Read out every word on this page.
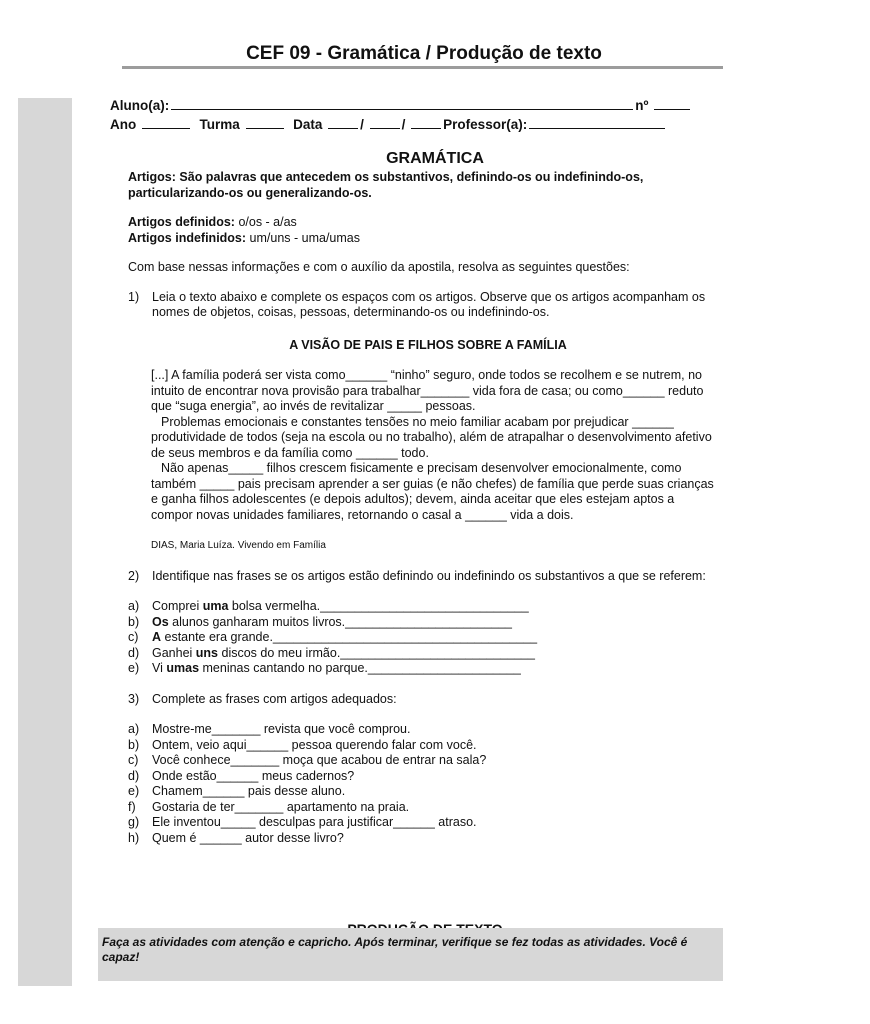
CEF 09 - Gramática / Produção de texto
Aluno(a):	nº
Ano	Turma	Data	/	/	Professor(a):
GRAMÁTICA

Artigos: São palavras que antecedem os substantivos, definindo-os ou indefinindo-os, particularizando-os ou generalizando-os.

Artigos definidos: o/os - a/as

Artigos indefinidos: um/uns - uma/umas

Com base nessas informações e com o auxílio da apostila, resolva as seguintes questões:

1)	Leia o texto abaixo e complete os espaços com os artigos. Observe que os artigos acompanham os nomes de objetos, coisas, pessoas, determinando-os ou indefinindo-os.
A VISÃO DE PAIS E FILHOS SOBRE A FAMÍLIA

[...] A família poderá ser vista como______ “ninho” seguro, onde todos se recolhem e se nutrem, no intuito de encontrar nova provisão para trabalhar_______ vida fora de casa; ou como______ reduto que “suga energia”, ao invés de revitalizar _____ pessoas.

Problemas emocionais e constantes tensões no meio familiar acabam por prejudicar ______ produtividade de todos (seja na escola ou no trabalho), além de atrapalhar o desenvolvimento afetivo de seus membros e da família como ______ todo.

Não apenas_____ filhos crescem fisicamente e precisam desenvolver emocionalmente, como também _____ pais precisam aprender a ser guias (e não chefes) de família que perde suas crianças e ganha filhos adolescentes (e depois adultos); devem, ainda aceitar que eles estejam aptos a compor novas unidades familiares, retornando o casal a ______ vida a dois.

DIAS, Maria Luíza. Vivendo em Família
2)	Identifique nas frases se os artigos estão definindo ou indefinindo os substantivos a que se referem:
a)	Comprei uma bolsa vermelha.______________________________
b)	Os alunos ganharam muitos livros.________________________
c)	A estante era grande.______________________________________
d)	Ganhei uns discos do meu irmão.____________________________
e)	Vi umas meninas cantando no parque.______________________
3)	Complete as frases com artigos adequados:
a)	Mostre-me_______ revista que você comprou.
b)	Ontem, veio aqui______ pessoa querendo falar com você.
c)	Você conhece_______ moça que acabou de entrar na sala?
d)	Onde estão______ meus cadernos?
e)	Chamem______ pais desse aluno.
f)	Gostaria de ter_______ apartamento na praia.
g)	Ele inventou_____ desculpas para justificar______ atraso.
h)	Quem é ______ autor desse livro?
Faça as atividades com atenção e capricho. Após terminar, verifique se fez todas as atividades. Você é capaz!
